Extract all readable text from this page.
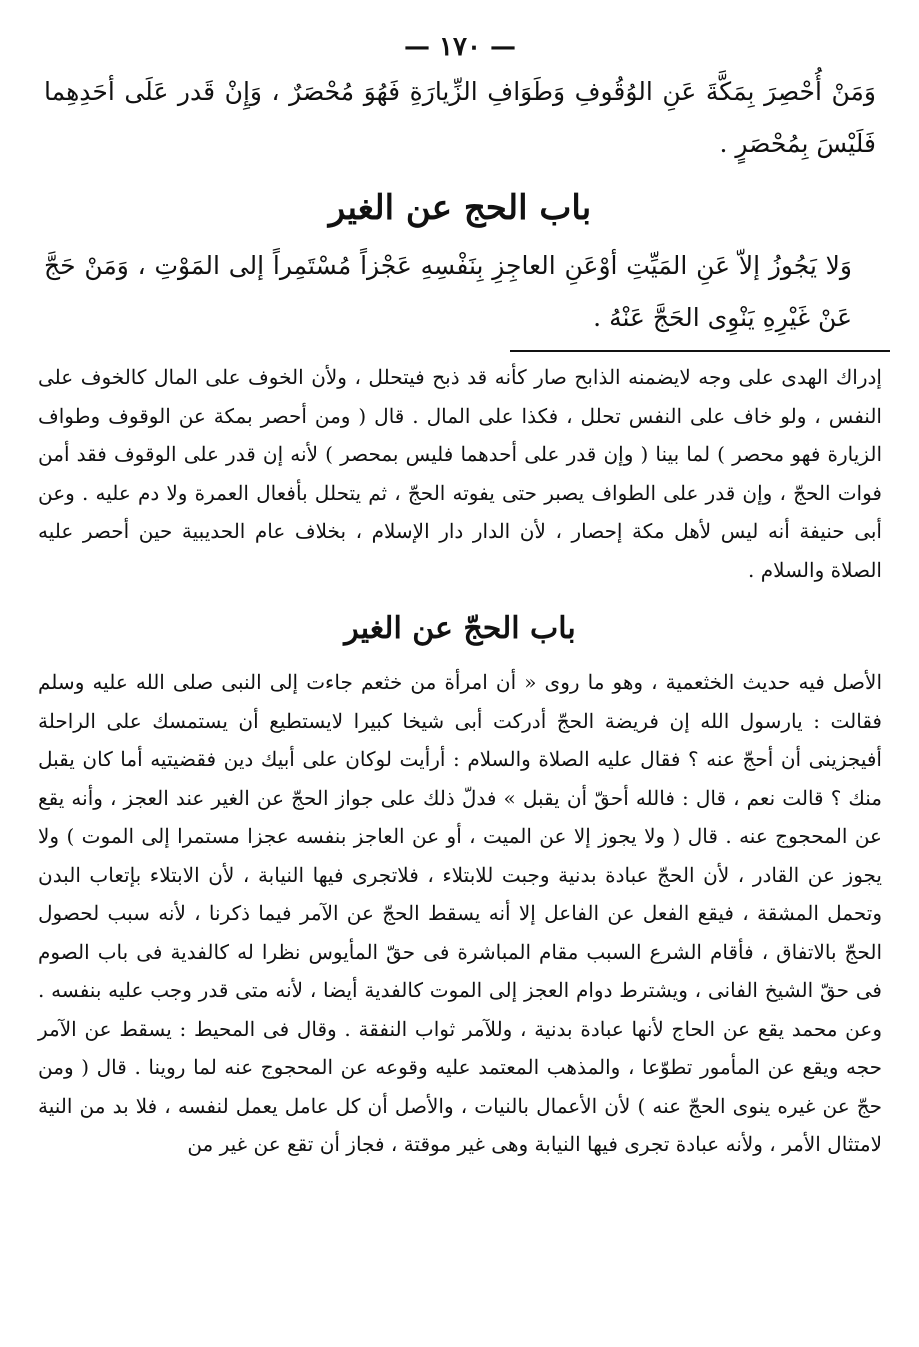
— ١٧٠ —

وَمَنْ أُحْصِرَ بِمَكَّةَ عَنِ الوُقُوفِ وَطَوَافِ الزِّيارَةِ فَهُوَ مُحْصَرٌ ، وَإِنْ قَدر عَلَى أحَدِهِما فَلَيْسَ بِمُحْصَرٍ .

باب الحج عن الغير

وَلا يَجُوزُ إلاّ عَنِ المَيِّتِ أوْعَنِ العاجِزِ بِنَفْسِهِ عَجْزاً مُسْتَمِراً إلى المَوْتِ ، وَمَنْ حَجَّ عَنْ غَيْرِهِ يَنْوِى الحَجَّ عَنْهُ .

إدراك الهدى على وجه لايضمنه الذابح صار كأنه قد ذبح فيتحلل ، ولأن الخوف على المال كالخوف على النفس ، ولو خاف على النفس تحلل ، فكذا على المال . قال ( ومن أحصر بمكة عن الوقوف وطواف الزيارة فهو محصر ) لما بينا ( وإن قدر على أحدهما فليس بمحصر ) لأنه إن قدر على الوقوف فقد أمن فوات الحجّ ، وإن قدر على الطواف يصبر حتى يفوته الحجّ ، ثم يتحلل بأفعال العمرة ولا دم عليه . وعن أبى حنيفة أنه ليس لأهل مكة إحصار ، لأن الدار دار الإسلام ، بخلاف عام الحديبية حين أحصر عليه الصلاة والسلام .

باب الحجّ عن الغير

الأصل فيه حديث الخثعمية ، وهو ما روى « أن امرأة من خثعم جاءت إلى النبى صلى الله عليه وسلم فقالت : يارسول الله إن فريضة الحجّ أدركت أبى شيخا كبيرا لايستطيع أن يستمسك على الراحلة أفيجزينى أن أحجّ عنه ؟ فقال عليه الصلاة والسلام : أرأيت لوكان على أبيك دين فقضيتيه أما كان يقبل منك ؟ قالت نعم ، قال : فالله أحقّ أن يقبل » فدلّ ذلك على جواز الحجّ عن الغير عند العجز ، وأنه يقع عن المحجوج عنه . قال ( ولا يجوز إلا عن الميت ، أو عن العاجز بنفسه عجزا مستمرا إلى الموت ) ولا يجوز عن القادر ، لأن الحجّ عبادة بدنية وجبت للابتلاء ، فلاتجرى فيها النيابة ، لأن الابتلاء بإتعاب البدن وتحمل المشقة ، فيقع الفعل عن الفاعل إلا أنه يسقط الحجّ عن الآمر فيما ذكرنا ، لأنه سبب لحصول الحجّ بالاتفاق ، فأقام الشرع السبب مقام المباشرة فى حقّ المأيوس نظرا له كالفدية فى باب الصوم فى حقّ الشيخ الفانى ، ويشترط دوام العجز إلى الموت كالفدية أيضا ، لأنه متى قدر وجب عليه بنفسه . وعن محمد يقع عن الحاج لأنها عبادة بدنية ، وللآمر ثواب النفقة . وقال فى المحيط : يسقط عن الآمر حجه ويقع عن المأمور تطوّعا ، والمذهب المعتمد عليه وقوعه عن المحجوج عنه لما روينا . قال ( ومن حجّ عن غيره ينوى الحجّ عنه ) لأن الأعمال بالنيات ، والأصل أن كل عامل يعمل لنفسه ، فلا بد من النية لامتثال الأمر ، ولأنه عبادة تجرى فيها النيابة وهى غير موقتة ، فجاز أن تقع عن غير من
